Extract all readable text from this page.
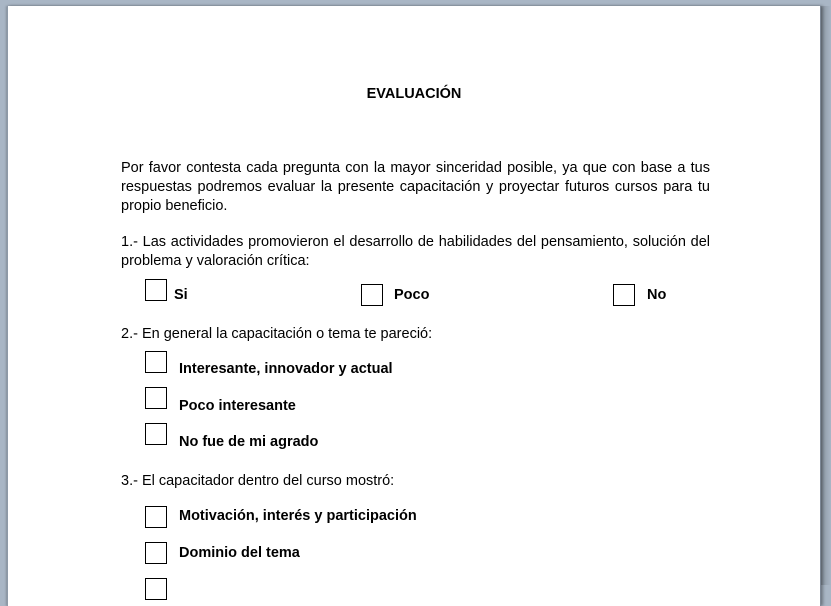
EVALUACIÓN
Por favor contesta cada pregunta con la mayor sinceridad posible, ya que con base a tus respuestas podremos evaluar la presente capacitación y proyectar futuros cursos para tu propio beneficio.
1.- Las actividades promovieron el desarrollo de habilidades del pensamiento, solución del problema y valoración crítica:
Si	Poco	No
2.- En general la capacitación o tema te pareció:
Interesante, innovador y actual
Poco interesante
No fue de mi agrado
3.- El capacitador dentro del curso mostró:
Motivación, interés y participación
Dominio del tema
